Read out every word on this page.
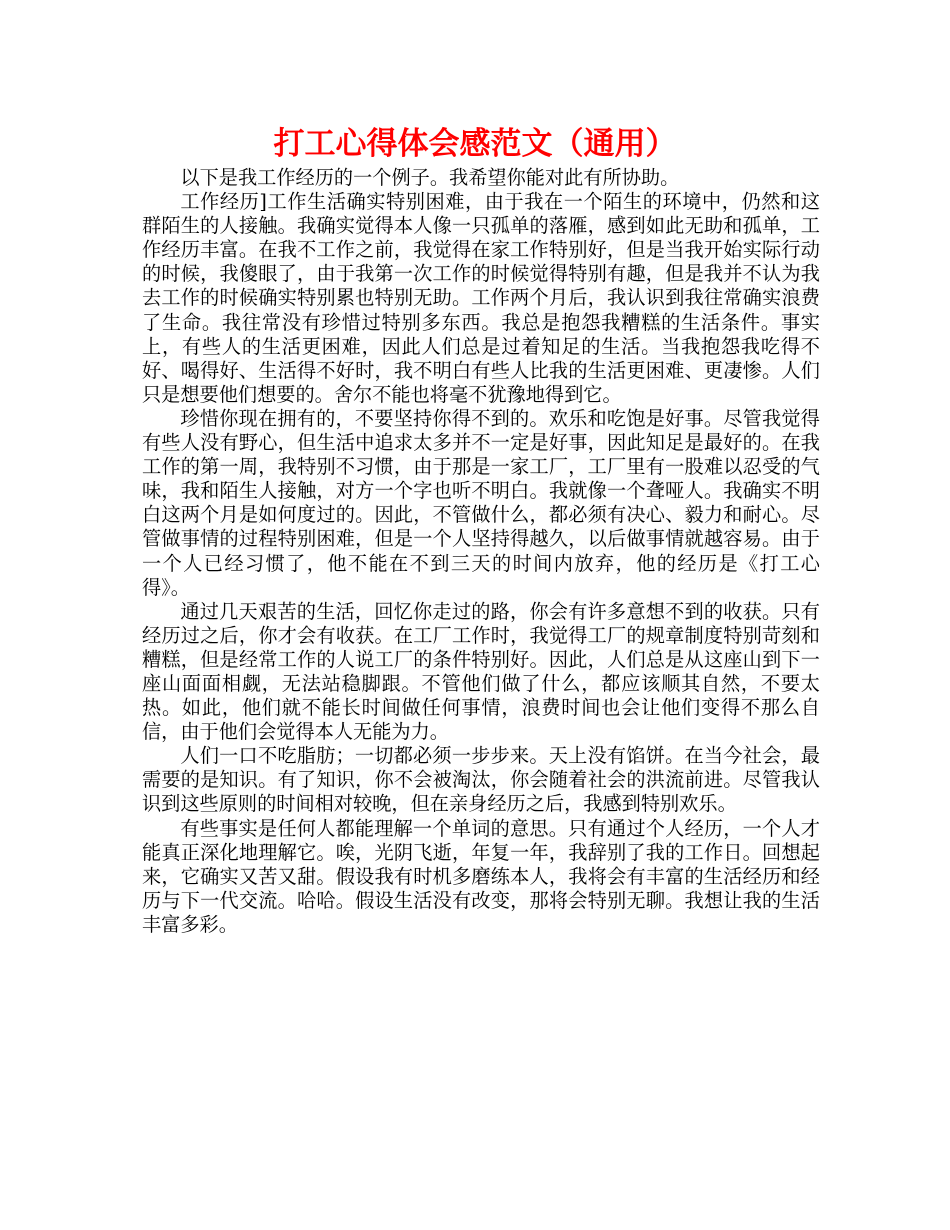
打工心得体会感范文（通用）

以下是我工作经历的一个例子。我希望你能对此有所协助。

工作经历]工作生活确实特别困难，由于我在一个陌生的环境中，仍然和这群陌生的人接触。我确实觉得本人像一只孤单的落雁，感到如此无助和孤单，工作经历丰富。在我不工作之前，我觉得在家工作特别好，但是当我开始实际行动的时候，我傻眼了，由于我第一次工作的时候觉得特别有趣，但是我并不认为我去工作的时候确实特别累也特别无助。工作两个月后，我认识到我往常确实浪费了生命。我往常没有珍惜过特别多东西。我总是抱怨我糟糕的生活条件。事实上，有些人的生活更困难，因此人们总是过着知足的生活。当我抱怨我吃得不好、喝得好、生活得不好时，我不明白有些人比我的生活更困难、更凄惨。人们只是想要他们想要的。舍尔不能也将毫不犹豫地得到它。

珍惜你现在拥有的，不要坚持你得不到的。欢乐和吃饱是好事。尽管我觉得有些人没有野心，但生活中追求太多并不一定是好事，因此知足是最好的。在我工作的第一周，我特别不习惯，由于那是一家工厂，工厂里有一股难以忍受的气味，我和陌生人接触，对方一个字也听不明白。我就像一个聋哑人。我确实不明白这两个月是如何度过的。因此，不管做什么，都必须有决心、毅力和耐心。尽管做事情的过程特别困难，但是一个人坚持得越久，以后做事情就越容易。由于一个人已经习惯了，他不能在不到三天的时间内放弃，他的经历是《打工心得》。

通过几天艰苦的生活，回忆你走过的路，你会有许多意想不到的收获。只有经历过之后，你才会有收获。在工厂工作时，我觉得工厂的规章制度特别苛刻和糟糕，但是经常工作的人说工厂的条件特别好。因此，人们总是从这座山到下一座山面面相觑，无法站稳脚跟。不管他们做了什么，都应该顺其自然，不要太热。如此，他们就不能长时间做任何事情，浪费时间也会让他们变得不那么自信，由于他们会觉得本人无能为力。

人们一口不吃脂肪；一切都必须一步步来。天上没有馅饼。在当今社会，最需要的是知识。有了知识，你不会被淘汰，你会随着社会的洪流前进。尽管我认识到这些原则的时间相对较晚，但在亲身经历之后，我感到特别欢乐。

有些事实是任何人都能理解一个单词的意思。只有通过个人经历，一个人才能真正深化地理解它。唉，光阴飞逝，年复一年，我辞别了我的工作日。回想起来，它确实又苦又甜。假设我有时机多磨练本人，我将会有丰富的生活经历和经历与下一代交流。哈哈。假设生活没有改变，那将会特别无聊。我想让我的生活丰富多彩。
